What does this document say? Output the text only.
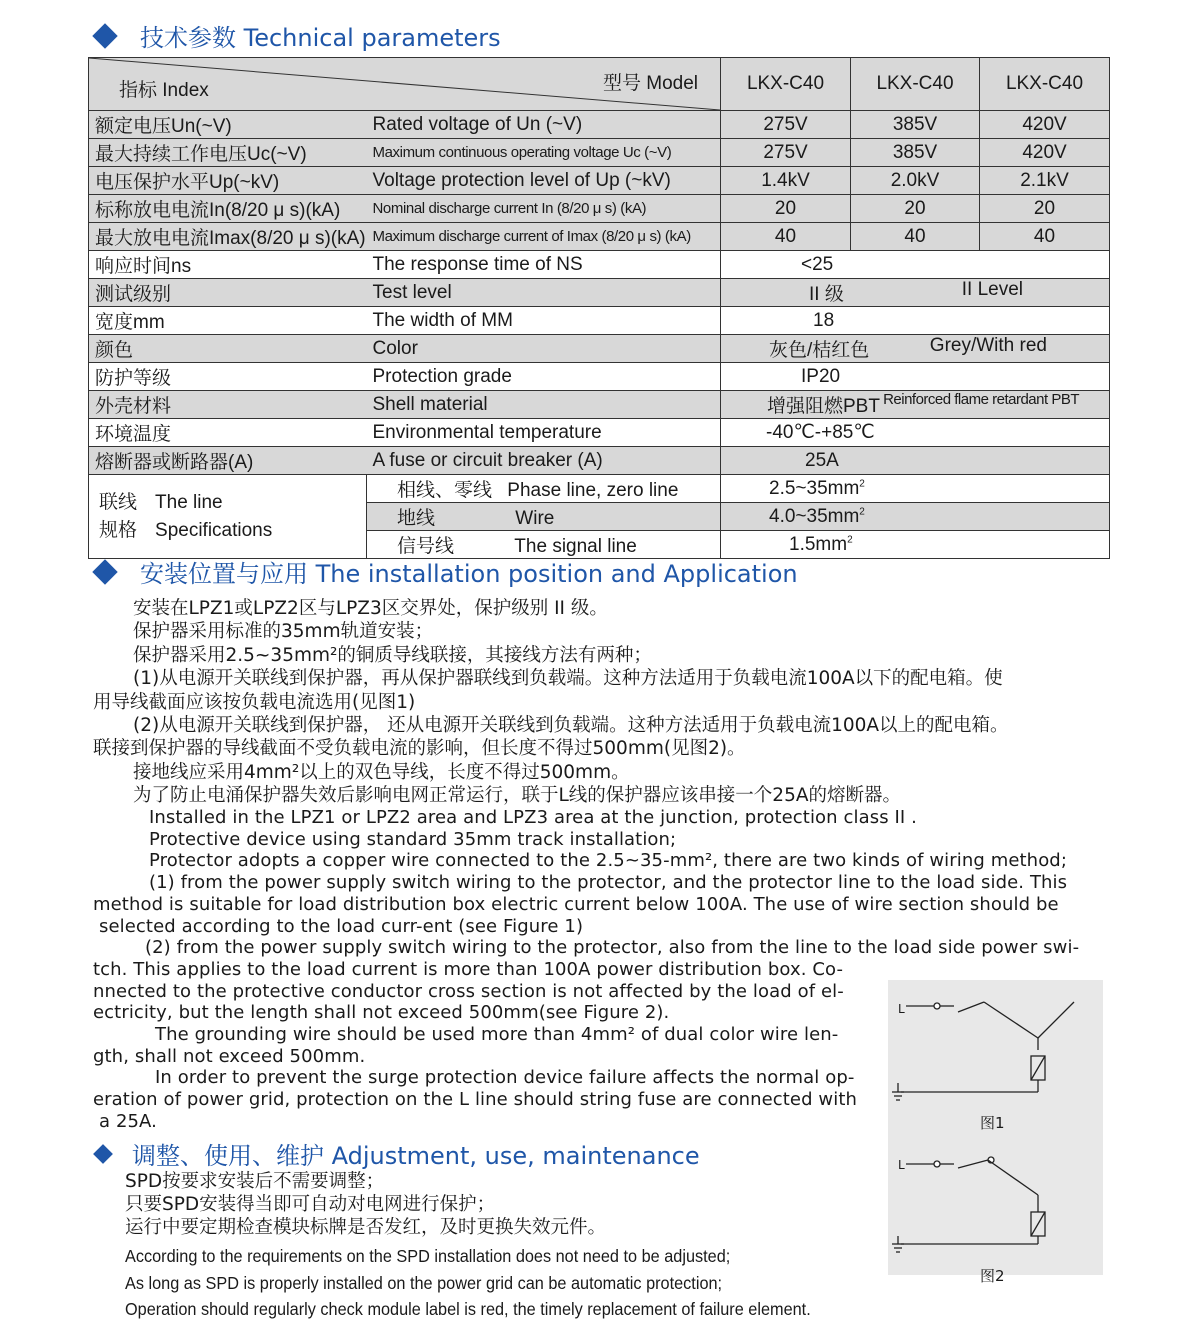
技术参数 Technical parameters
指标 Index 型号 Model		LKX-C40	LKX-C40	LKX-C40
额定电压Un(~V)	Rated voltage of Un (~V)	275V	385V	420V
最大持续工作电压Uc(~V)	Maximum continuous operating voltage Uc (~V)	275V	385V	420V
电压保护水平Up(~kV)	Voltage protection level of Up (~kV)	1.4kV	2.0kV	2.1kV
标称放电电流In(8/20 μ s)(kA)	Nominal discharge current In (8/20 μ s) (kA)	20	20	20
最大放电电流Imax(8/20 μ s)(kA)	Maximum discharge current of Imax (8/20 μ s) (kA)	40	40	40
响应时间ns	The response time of NS	<25		
测试级别	Test level	II 级 II Level		

宽度mm	The width of MM	18		
颜色	Color	灰色/桔红色 Grey/With red		

防护等级	Protection grade	IP20		
外壳材料	Shell material	增强阻燃PBT Reinforced flame retardant PBT		

环境温度	Environmental temperature	-40℃-+85℃		
熔断器或断路器(A)	A fuse or circuit breaker (A)	25A		

联线
规格
The line
Specifications	相线、零线 Phase line, zero line	$2.5\sim 35mm^2$
	地线 Wire	$4.0\sim 35mm^2$
	信号线 The signal line	$1.5mm^2$
安装位置与应用 The installation position and Application
安装在LPZ1或LPZ2区与LPZ3区交界处，保护级别 II 级。
保护器采用标准的35mm轨道安装；
保护器采用2.5~35mm²的铜质导线联接，其接线方法有两种；
(1)从电源开关联线到保护器，再从保护器联线到负载端。这种方法适用于负载电流100A以下的配电箱。使
用导线截面应该按负载电流选用(见图1)
(2)从电源开关联线到保护器， 还从电源开关联线到负载端。这种方法适用于负载电流100A以上的配电箱。
联接到保护器的导线截面不受负载电流的影响，但长度不得过500mm(见图2)。
接地线应采用4mm²以上的双色导线，长度不得过500mm。
为了防止电涌保护器失效后影响电网正常运行，联于L线的保护器应该串接一个25A的熔断器。
Installed in the LPZ1 or LPZ2 area and LPZ3 area at the junction, protection class II .
Protective device using standard 35mm track installation;
Protector adopts a copper wire connected to the 2.5~35-mm², there are two kinds of wiring method;
(1) from the power supply switch wiring to the protector, and the protector line to the load side. This
method is suitable for load distribution box electric current below 100A. The use of wire section should be
selected according to the load curr-ent (see Figure 1)
(2) from the power supply switch wiring to the protector, also from the line to the load side power swi-
tch. This applies to the load current is more than 100A power distribution box. Co-
nnected to the protective conductor cross section is not affected by the load of el-
ectricity, but the length shall not exceed 500mm(see Figure 2).
The grounding wire should be used more than 4mm² of dual color wire len-
gth, shall not exceed 500mm.
In order to prevent the surge protection device failure affects the normal op-
eration of power grid, protection on the L line should string fuse are connected with
a 25A.
L
L
图1
图2
调整、使用、维护 Adjustment, use, maintenance
SPD按要求安装后不需要调整；
只要SPD安装得当即可自动对电网进行保护；
运行中要定期检查模块标牌是否发红，及时更换失效元件。
According to the requirements on the SPD installation does not need to be adjusted;
As long as SPD is properly installed on the power grid can be automatic protection;
Operation should regularly check module label is red, the timely replacement of failure element.
